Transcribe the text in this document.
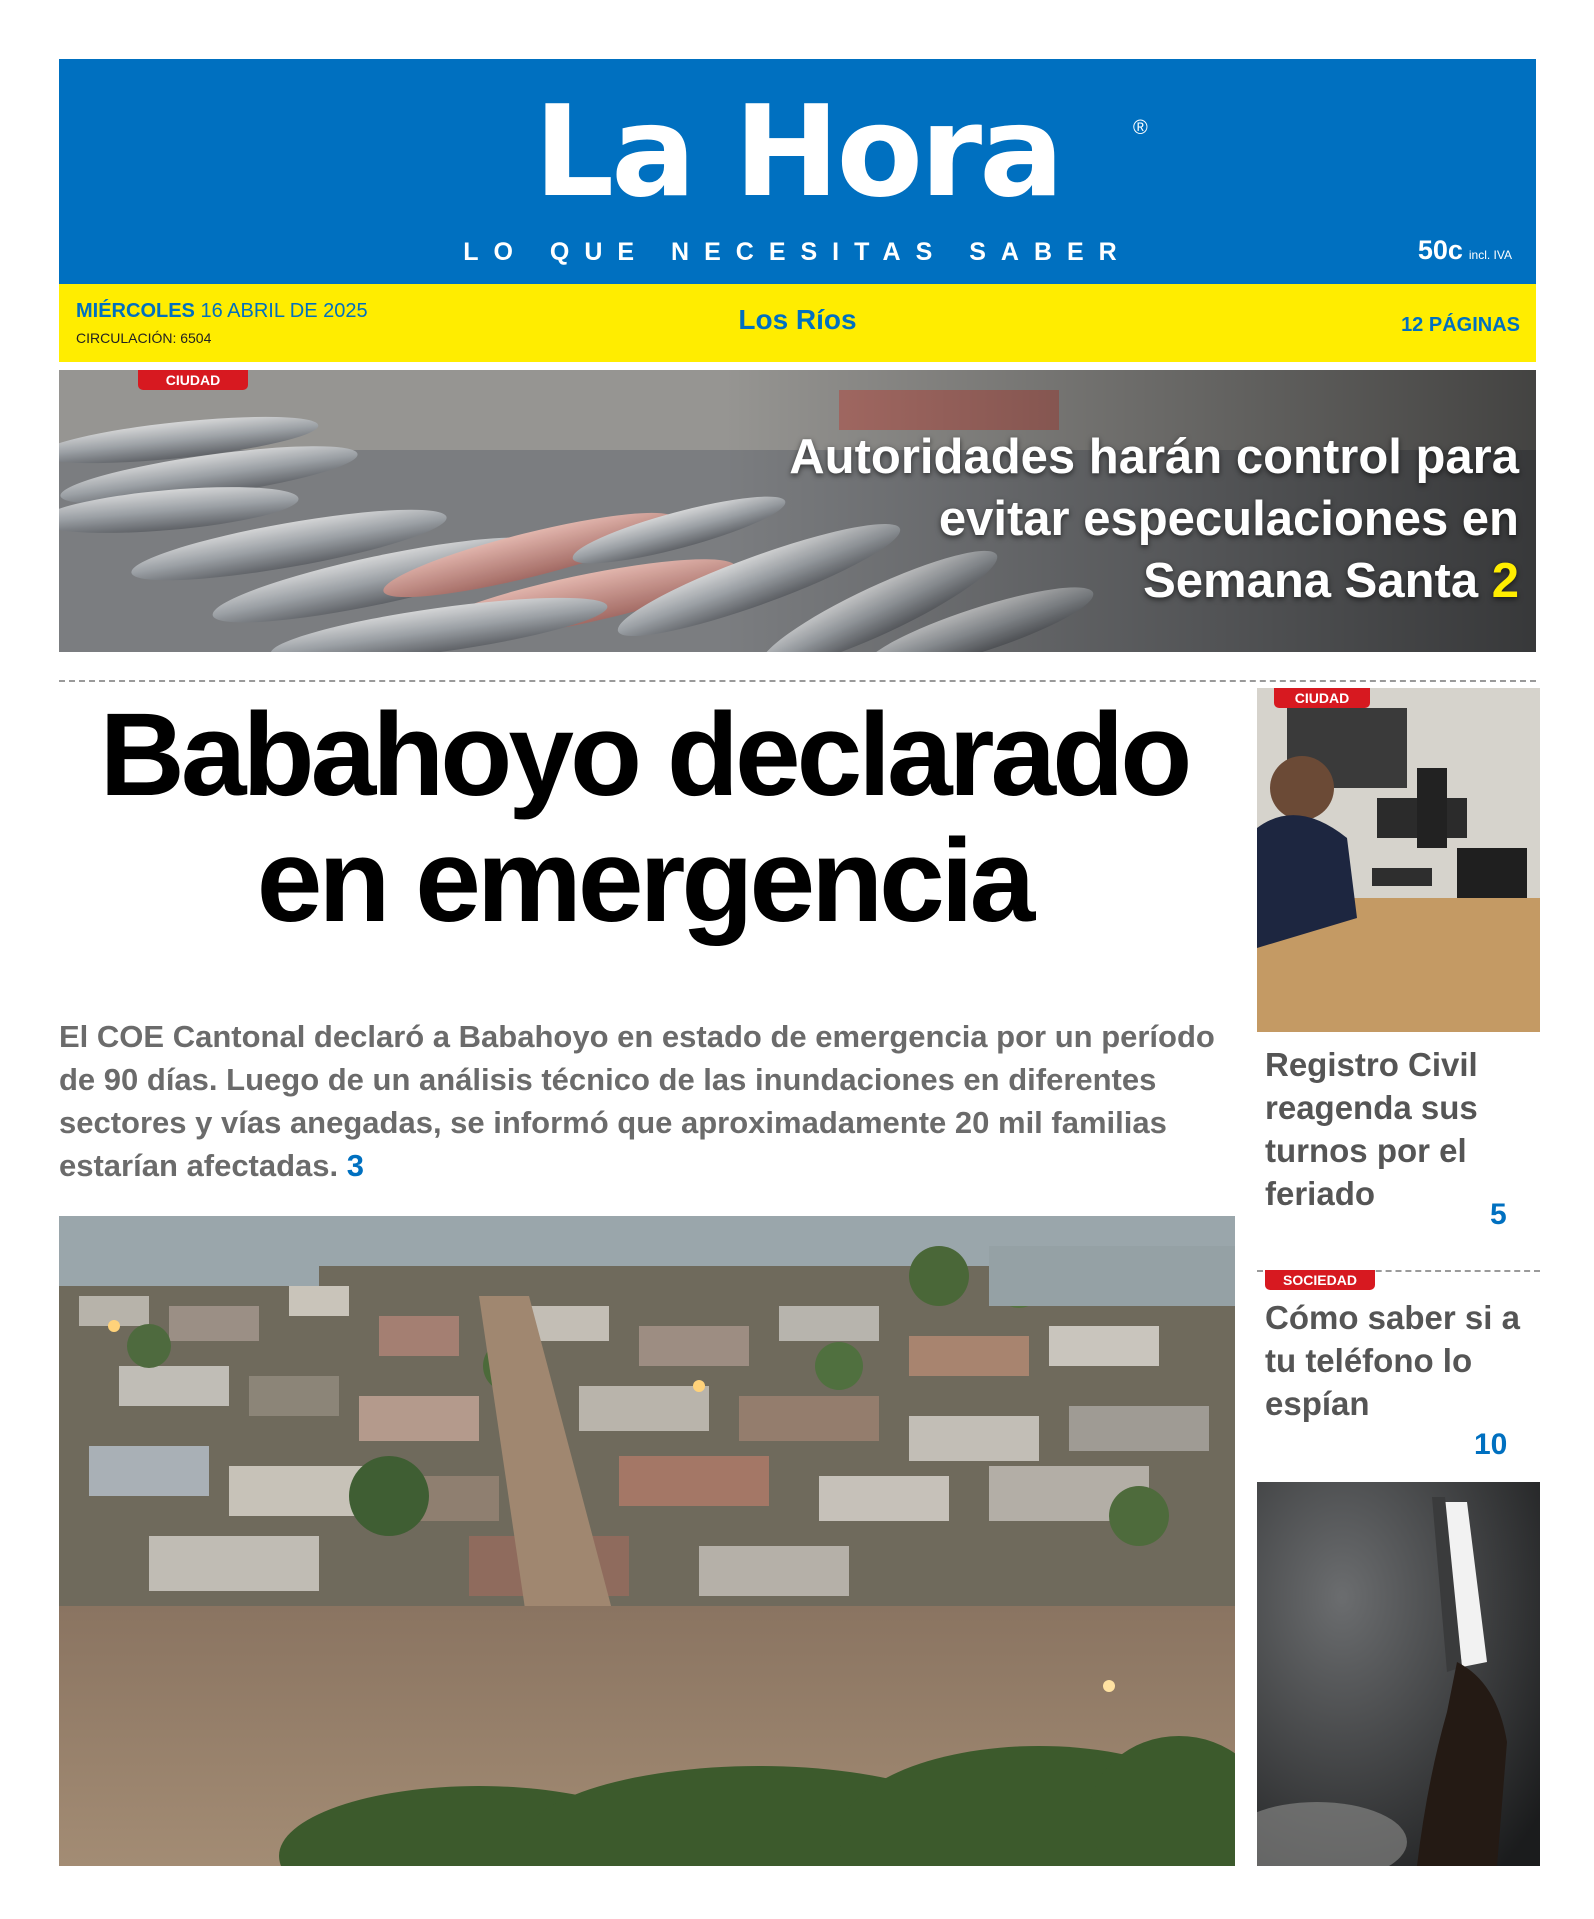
La Hora	®
LO QUE NECESITAS SABER	50c incl. IVA
MIÉRCOLES 16 ABRIL DE 2025
CIRCULACIÓN: 6504
Los Ríos	12 PÁGINAS
CIUDAD
Autoridades harán control para evitar especulaciones en Semana Santa 2
Babahoyo declarado en emergencia
El COE Cantonal declaró a Babahoyo en estado de emergencia por un período de 90 días. Luego de un análisis técnico de las inundaciones en diferentes sectores y vías anegadas, se informó que aproximadamente 20 mil familias estarían afectadas. 3
CIUDAD
Registro Civil reagenda sus turnos por el feriado
5
SOCIEDAD
Cómo saber si a tu teléfono lo espían
10
